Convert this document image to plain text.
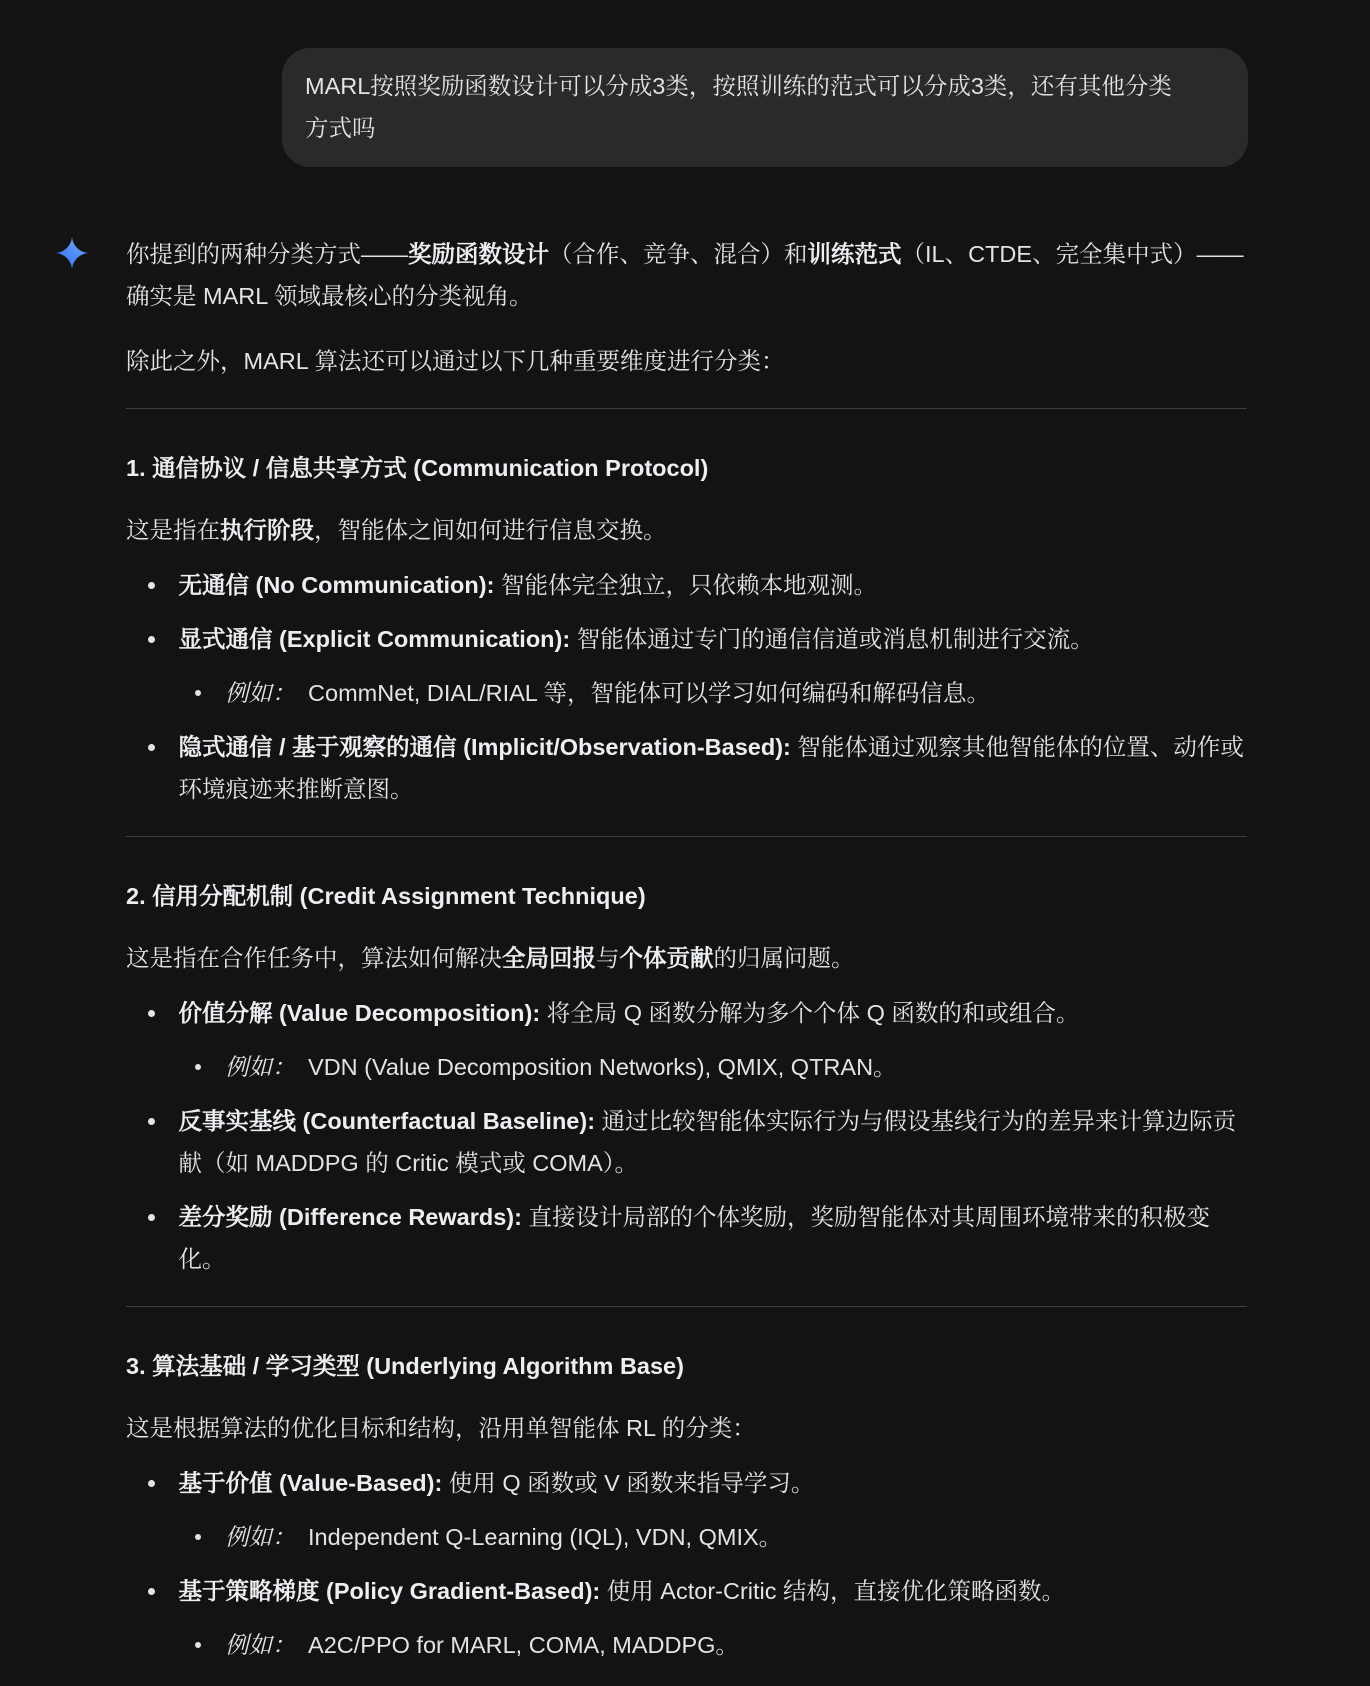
MARL按照奖励函数设计可以分成3类，按照训练的范式可以分成3类，还有其他分类方式吗

你提到的两种分类方式——奖励函数设计（合作、竞争、混合）和训练范式（IL、CTDE、完全集中式）——确实是 MARL 领域最核心的分类视角。

除此之外，MARL 算法还可以通过以下几种重要维度进行分类：

1. 通信协议 / 信息共享方式 (Communication Protocol)

这是指在执行阶段，智能体之间如何进行信息交换。

无通信 (No Communication): 智能体完全独立，只依赖本地观测。
显式通信 (Explicit Communication): 智能体通过专门的通信信道或消息机制进行交流。
例如： CommNet, DIAL/RIAL 等，智能体可以学习如何编码和解码信息。
隐式通信 / 基于观察的通信 (Implicit/Observation-Based): 智能体通过观察其他智能体的位置、动作或环境痕迹来推断意图。
2. 信用分配机制 (Credit Assignment Technique)

这是指在合作任务中，算法如何解决全局回报与个体贡献的归属问题。

价值分解 (Value Decomposition): 将全局 Q 函数分解为多个个体 Q 函数的和或组合。
例如： VDN (Value Decomposition Networks), QMIX, QTRAN。
反事实基线 (Counterfactual Baseline): 通过比较智能体实际行为与假设基线行为的差异来计算边际贡献（如 MADDPG 的 Critic 模式或 COMA）。
差分奖励 (Difference Rewards): 直接设计局部的个体奖励，奖励智能体对其周围环境带来的积极变化。
3. 算法基础 / 学习类型 (Underlying Algorithm Base)

这是根据算法的优化目标和结构，沿用单智能体 RL 的分类：

基于价值 (Value-Based): 使用 Q 函数或 V 函数来指导学习。
例如： Independent Q-Learning (IQL), VDN, QMIX。
基于策略梯度 (Policy Gradient-Based): 使用 Actor-Critic 结构，直接优化策略函数。
例如： A2C/PPO for MARL, COMA, MADDPG。
